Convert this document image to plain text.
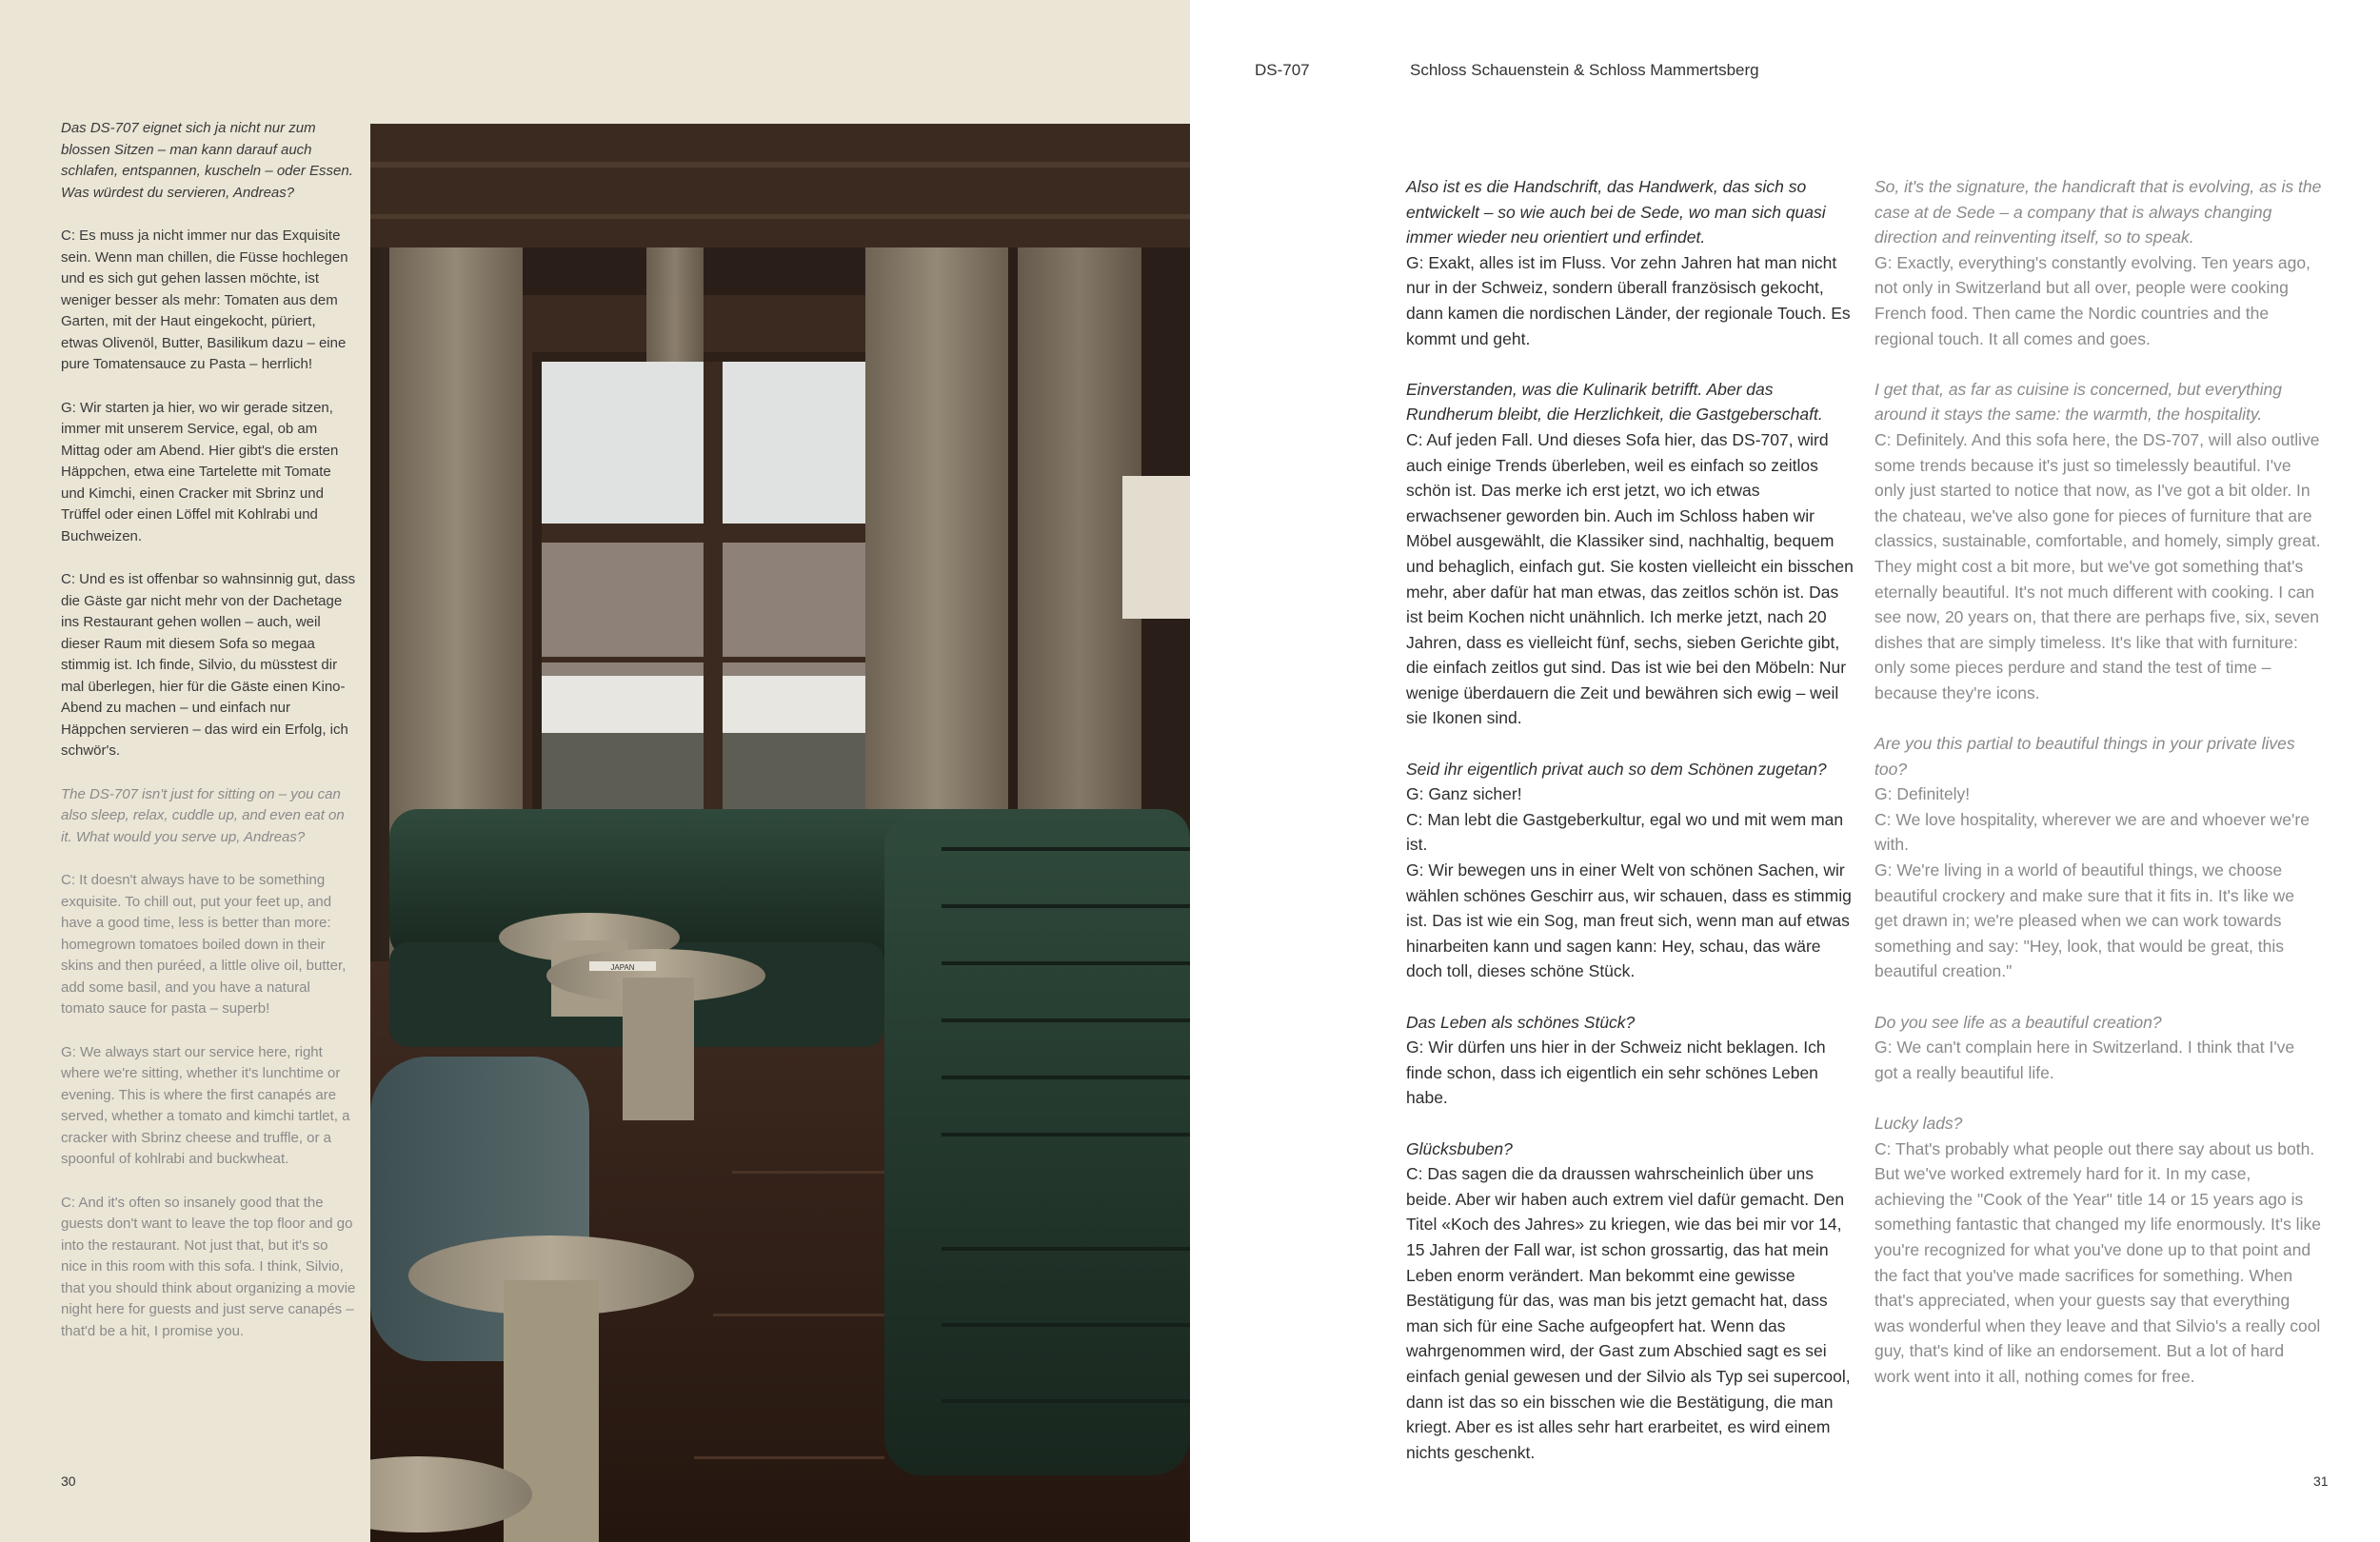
Das DS-707 eignet sich ja nicht nur zum blossen Sitzen – man kann darauf auch schlafen, entspannen, kuscheln – oder Essen. Was würdest du servieren, Andreas?

C: Es muss ja nicht immer nur das Exquisite sein. Wenn man chillen, die Füsse hochlegen und es sich gut gehen lassen möchte, ist weniger besser als mehr: Tomaten aus dem Garten, mit der Haut eingekocht, püriert, etwas Olivenöl, Butter, Basilikum dazu – eine pure Tomatensauce zu Pasta – herrlich!

G: Wir starten ja hier, wo wir gerade sitzen, immer mit unserem Service, egal, ob am Mittag oder am Abend. Hier gibt's die ersten Häppchen, etwa eine Tartelette mit Tomate und Kimchi, einen Cracker mit Sbrinz und Trüffel oder einen Löffel mit Kohlrabi und Buchweizen.

C: Und es ist offenbar so wahnsinnig gut, dass die Gäste gar nicht mehr von der Dachetage ins Restaurant gehen wollen – auch, weil dieser Raum mit diesem Sofa so megaa stimmig ist. Ich finde, Silvio, du müsstest dir mal überlegen, hier für die Gäste einen Kino-Abend zu machen – und einfach nur Häppchen servieren – das wird ein Erfolg, ich schwör's.

The DS-707 isn't just for sitting on – you can also sleep, relax, cuddle up, and even eat on it. What would you serve up, Andreas?

C: It doesn't always have to be something exquisite. To chill out, put your feet up, and have a good time, less is better than more: homegrown tomatoes boiled down in their skins and then puréed, a little olive oil, butter, add some basil, and you have a natural tomato sauce for pasta – superb!

G: We always start our service here, right where we're sitting, whether it's lunchtime or evening. This is where the first canapés are served, whether a tomato and kimchi tartlet, a cracker with Sbrinz cheese and truffle, or a spoonful of kohlrabi and buckwheat.

C: And it's often so insanely good that the guests don't want to leave the top floor and go into the restaurant. Not just that, but it's so nice in this room with this sofa. I think, Silvio, that you should think about organizing a movie night here for guests and just serve canapés – that'd be a hit, I promise you.

30
JAPAN
DS-707	Schloss Schauenstein & Schloss Mammertsberg
Also ist es die Handschrift, das Handwerk, das sich so entwickelt – so wie auch bei de Sede, wo man sich quasi immer wieder neu orientiert und erfindet.
G: Exakt, alles ist im Fluss. Vor zehn Jahren hat man nicht nur in der Schweiz, sondern überall französisch gekocht, dann kamen die nordischen Länder, der regionale Touch. Es kommt und geht.
Einverstanden, was die Kulinarik betrifft. Aber das Rundherum bleibt, die Herzlichkeit, die Gastgeberschaft.
C: Auf jeden Fall. Und dieses Sofa hier, das DS-707, wird auch einige Trends überleben, weil es einfach so zeitlos schön ist. Das merke ich erst jetzt, wo ich etwas erwachsener geworden bin. Auch im Schloss haben wir Möbel ausgewählt, die Klassiker sind, nachhaltig, bequem und behaglich, einfach gut. Sie kosten vielleicht ein bisschen mehr, aber dafür hat man etwas, das zeitlos schön ist. Das ist beim Kochen nicht unähnlich. Ich merke jetzt, nach 20 Jahren, dass es vielleicht fünf, sechs, sieben Gerichte gibt, die einfach zeitlos gut sind. Das ist wie bei den Möbeln: Nur wenige überdauern die Zeit und bewähren sich ewig – weil sie Ikonen sind.
Seid ihr eigentlich privat auch so dem Schönen zugetan?
G: Ganz sicher!
C: Man lebt die Gastgeberkultur, egal wo und mit wem man ist.
G: Wir bewegen uns in einer Welt von schönen Sachen, wir wählen schönes Geschirr aus, wir schauen, dass es stimmig ist. Das ist wie ein Sog, man freut sich, wenn man auf etwas hinarbeiten kann und sagen kann: Hey, schau, das wäre doch toll, dieses schöne Stück.
Das Leben als schönes Stück?
G: Wir dürfen uns hier in der Schweiz nicht beklagen. Ich finde schon, dass ich eigentlich ein sehr schönes Leben habe.
Glücksbuben?
C: Das sagen die da draussen wahrscheinlich über uns beide. Aber wir haben auch extrem viel dafür gemacht. Den Titel «Koch des Jahres» zu kriegen, wie das bei mir vor 14, 15 Jahren der Fall war, ist schon grossartig, das hat mein Leben enorm verändert. Man bekommt eine gewisse Bestätigung für das, was man bis jetzt gemacht hat, dass man sich für eine Sache aufgeopfert hat. Wenn das wahrgenommen wird, der Gast zum Abschied sagt es sei einfach genial gewesen und der Silvio als Typ sei supercool, dann ist das so ein bisschen wie die Bestätigung, die man kriegt. Aber es ist alles sehr hart erarbeitet, es wird einem nichts geschenkt.
So, it's the signature, the handicraft that is evolving, as is the case at de Sede – a company that is always changing direction and reinventing itself, so to speak.
G: Exactly, everything's constantly evolving. Ten years ago, not only in Switzerland but all over, people were cooking French food. Then came the Nordic countries and the regional touch. It all comes and goes.
I get that, as far as cuisine is concerned, but everything around it stays the same: the warmth, the hospitality.
C: Definitely. And this sofa here, the DS-707, will also outlive some trends because it's just so timelessly beautiful. I've only just started to notice that now, as I've got a bit older. In the chateau, we've also gone for pieces of furniture that are classics, sustainable, comfortable, and homely, simply great. They might cost a bit more, but we've got something that's eternally beautiful. It's not much different with cooking. I can see now, 20 years on, that there are perhaps five, six, seven dishes that are simply timeless. It's like that with furniture: only some pieces perdure and stand the test of time – because they're icons.
Are you this partial to beautiful things in your private lives too?
G: Definitely!
C: We love hospitality, wherever we are and whoever we're with.
G: We're living in a world of beautiful things, we choose beautiful crockery and make sure that it fits in. It's like we get drawn in; we're pleased when we can work towards something and say: "Hey, look, that would be great, this beautiful creation."
Do you see life as a beautiful creation?
G: We can't complain here in Switzerland. I think that I've got a really beautiful life.
Lucky lads?
C: That's probably what people out there say about us both. But we've worked extremely hard for it. In my case, achieving the "Cook of the Year" title 14 or 15 years ago is something fantastic that changed my life enormously. It's like you're recognized for what you've done up to that point and the fact that you've made sacrifices for something. When that's appreciated, when your guests say that everything was wonderful when they leave and that Silvio's a really cool guy, that's kind of like an endorsement. But a lot of hard work went into it all, nothing comes for free.
31
